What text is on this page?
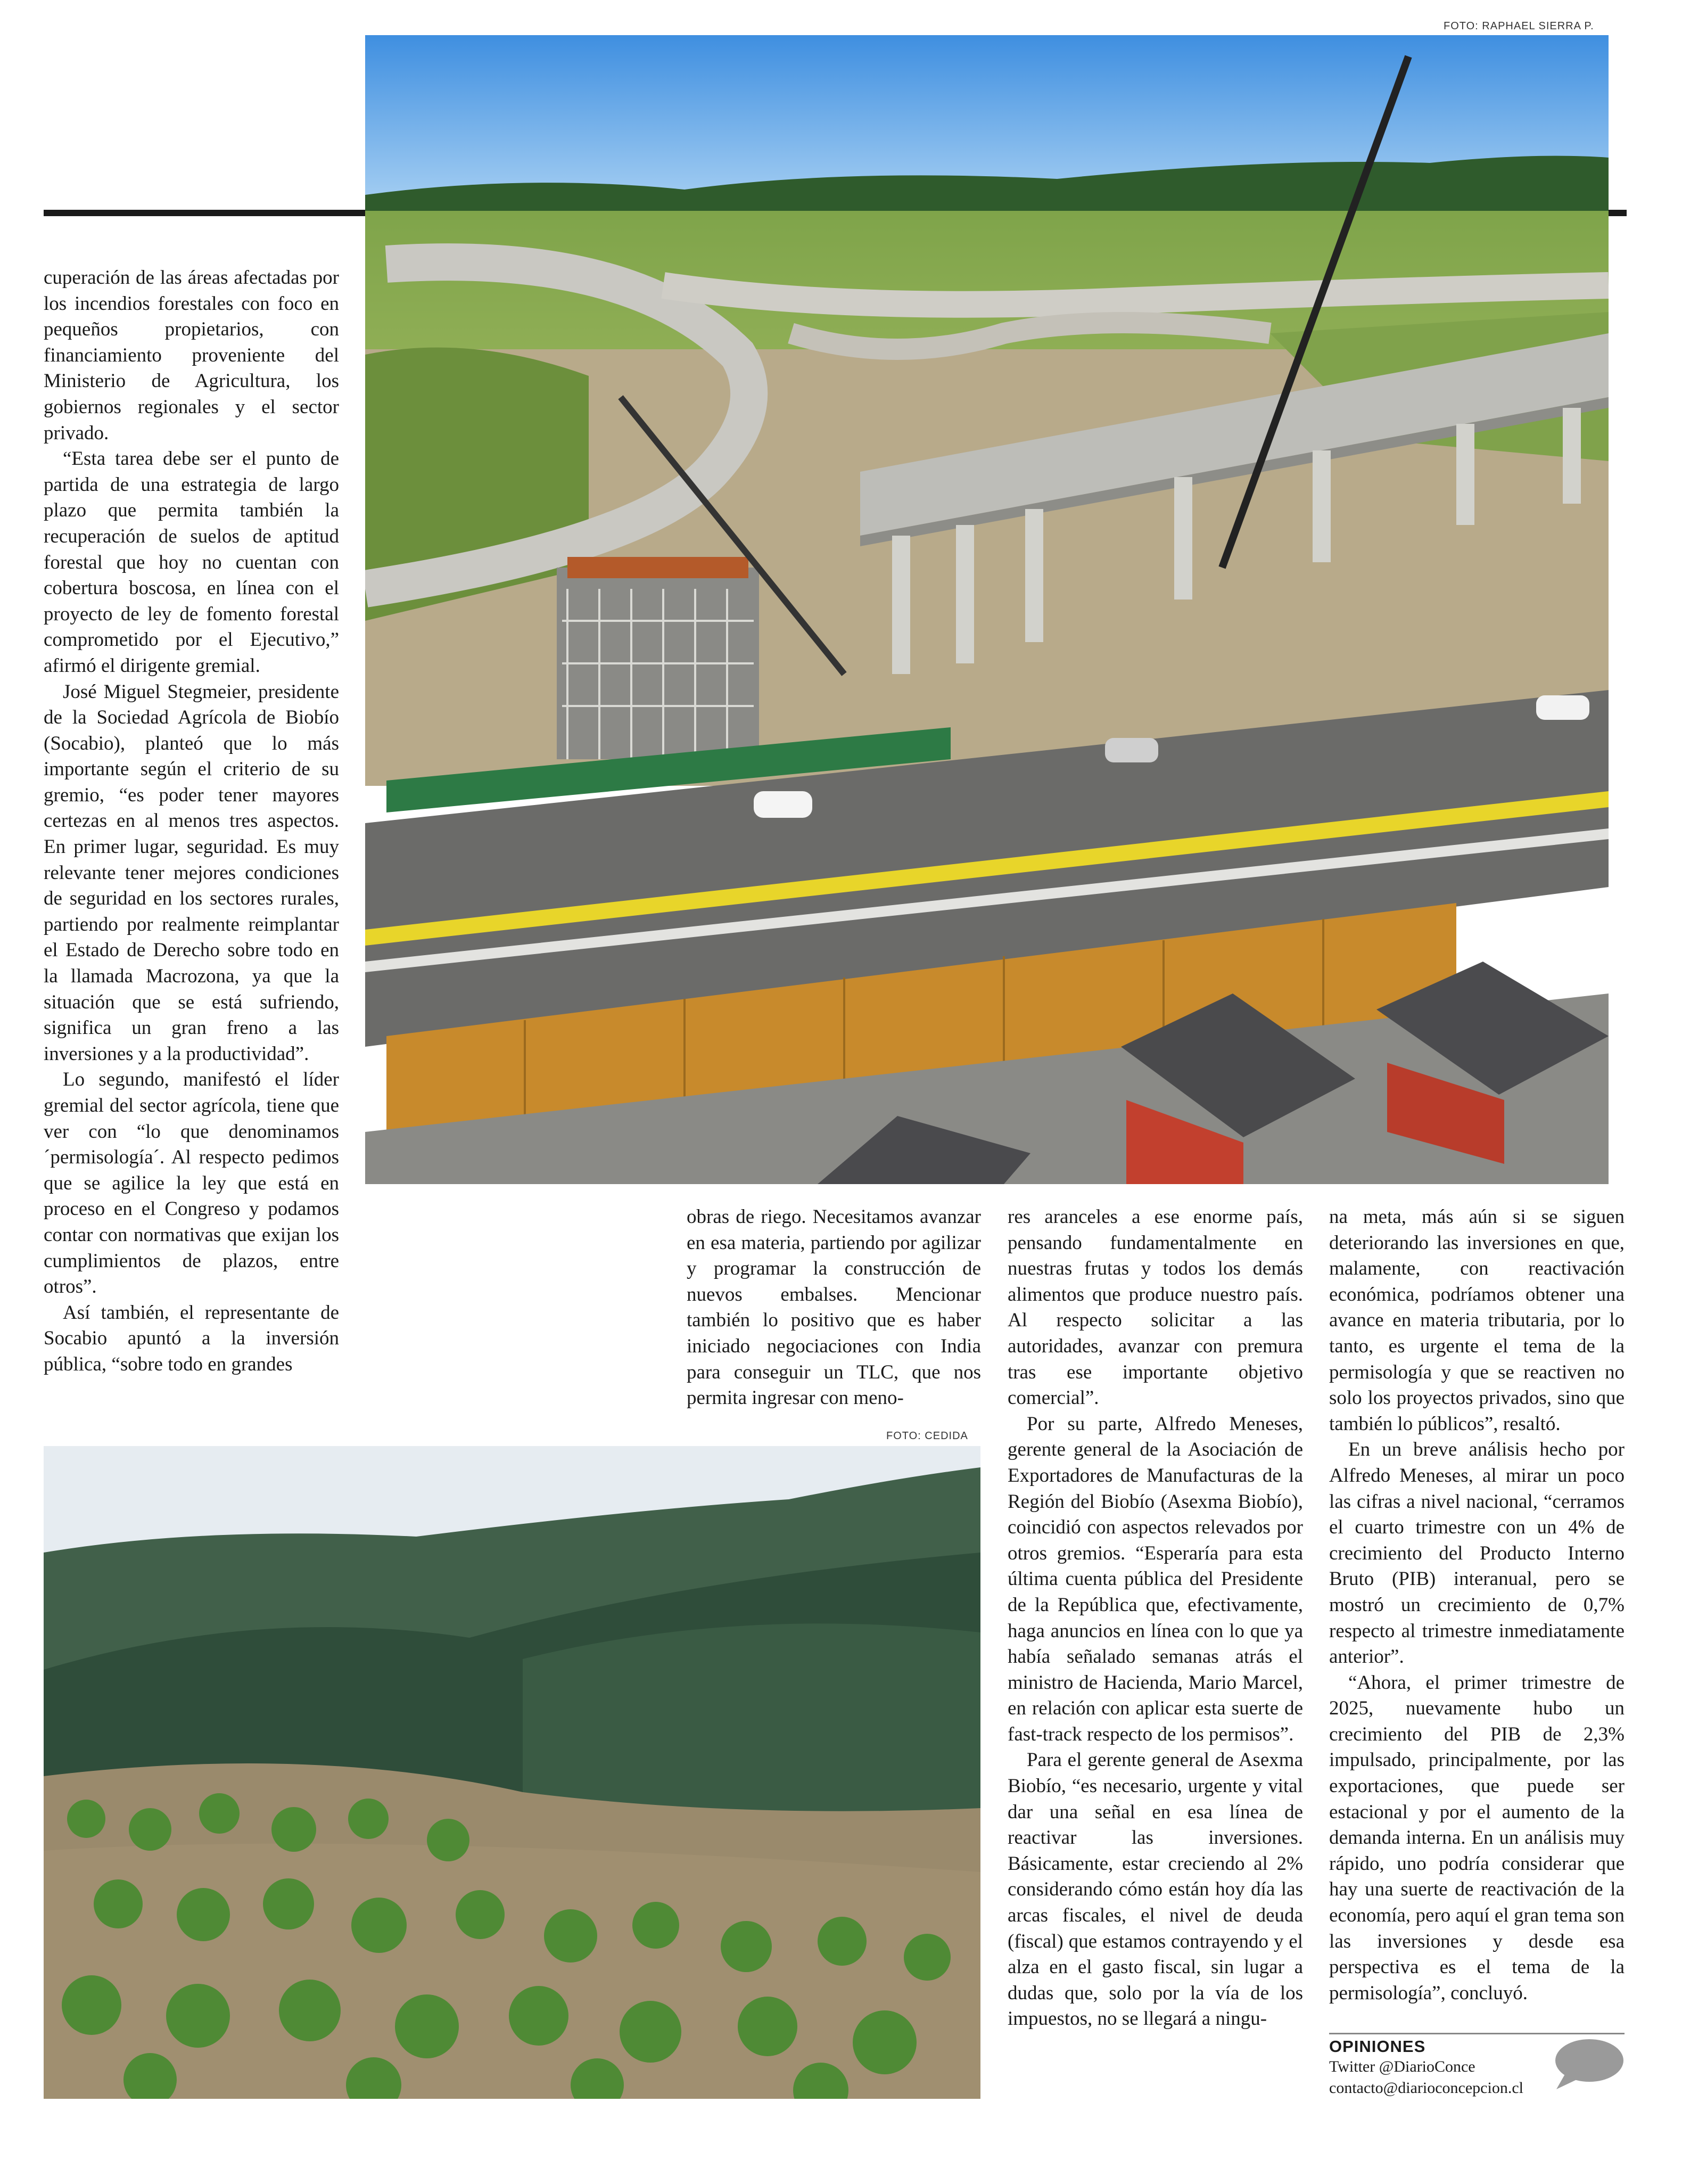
FOTO: RAPHAEL SIERRA P.
FOTO: CEDIDA

cuperación de las áreas afectadas por los incendios forestales con foco en pequeños propietarios, con financiamiento proveniente del Ministerio de Agricultura, los gobiernos regionales y el sector privado.

“Esta tarea debe ser el punto de partida de una estrategia de largo plazo que permita también la recuperación de suelos de aptitud forestal que hoy no cuentan con cobertura boscosa, en línea con el proyecto de ley de fomento forestal comprometido por el Ejecutivo,” afirmó el dirigente gremial.

José Miguel Stegmeier, presidente de la Sociedad Agrícola de Biobío (Socabio), planteó que lo más importante según el criterio de su gremio, “es poder tener mayores certezas en al menos tres aspectos. En primer lugar, seguridad. Es muy relevante tener mejores condiciones de seguridad en los sectores rurales, partiendo por realmente reimplantar el Estado de Derecho sobre todo en la llamada Macrozona, ya que la situación que se está sufriendo, significa un gran freno a las inversiones y a la productividad”.

Lo segundo, manifestó el líder gremial del sector agrícola, tiene que ver con “lo que denominamos ´permisología´. Al respecto pedimos que se agilice la ley que está en proceso en el Congreso y podamos contar con normativas que exijan los cumplimientos de plazos, entre otros”.

Así también, el representante de Socabio apuntó a la inversión pública, “sobre todo en grandes

obras de riego. Necesitamos avanzar en esa materia, partiendo por agilizar y programar la construcción de nuevos embalses. Mencionar también lo positivo que es haber iniciado negociaciones con India para conseguir un TLC, que nos permita ingresar con meno-

res aranceles a ese enorme país, pensando fundamentalmente en nuestras frutas y todos los demás alimentos que produce nuestro país. Al respecto solicitar a las autoridades, avanzar con premura tras ese importante objetivo comercial”.

Por su parte, Alfredo Meneses, gerente general de la Asociación de Exportadores de Manufacturas de la Región del Biobío (Asexma Biobío), coincidió con aspectos relevados por otros gremios. “Esperaría para esta última cuenta pública del Presidente de la República que, efectivamente, haga anuncios en línea con lo que ya había señalado semanas atrás el ministro de Hacienda, Mario Marcel, en relación con aplicar esta suerte de fast-track respecto de los permisos”.

Para el gerente general de Asexma Biobío, “es necesario, urgente y vital dar una señal en esa línea de reactivar las inversiones. Básicamente, estar creciendo al 2% considerando cómo están hoy día las arcas fiscales, el nivel de deuda (fiscal) que estamos contrayendo y el alza en el gasto fiscal, sin lugar a dudas que, solo por la vía de los impuestos, no se llegará a ningu-

na meta, más aún si se siguen deteriorando las inversiones en que, malamente, con reactivación económica, podríamos obtener una avance en materia tributaria, por lo tanto, es urgente el tema de la permisología y que se reactiven no solo los proyectos privados, sino que también lo públicos”, resaltó.

En un breve análisis hecho por Alfredo Meneses, al mirar un poco las cifras a nivel nacional, “cerramos el cuarto trimestre con un 4% de crecimiento del Producto Interno Bruto (PIB) interanual, pero se mostró un crecimiento de 0,7% respecto al trimestre inmediatamente anterior”.

“Ahora, el primer trimestre de 2025, nuevamente hubo un crecimiento del PIB de 2,3% impulsado, principalmente, por las exportaciones, que puede ser estacional y por el aumento de la demanda interna. En un análisis muy rápido, uno podría considerar que hay una suerte de reactivación de la economía, pero aquí el gran tema son las inversiones y desde esa perspectiva es el tema de la permisología”, concluyó.

OPINIONES
Twitter @DiarioConce
contacto@diarioconcepcion.cl
